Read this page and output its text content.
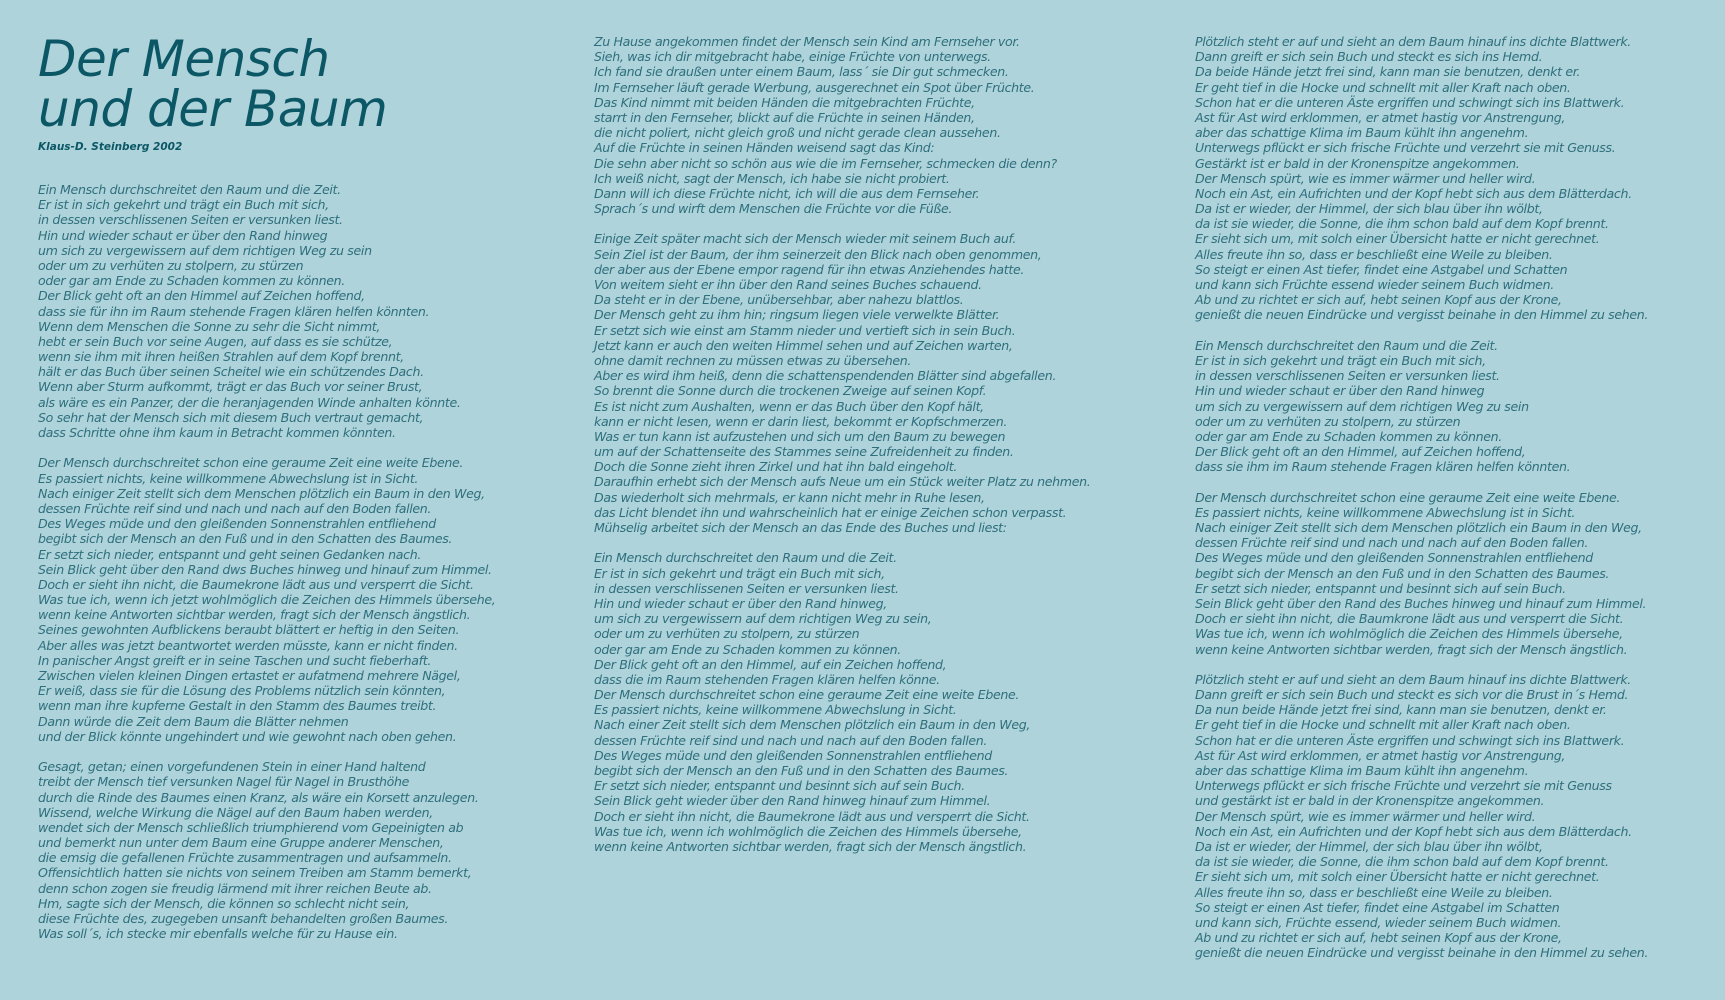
Der Mensch
und der Baum
Klaus-D. Steinberg 2002
Ein Mensch durchschreitet den Raum und die Zeit.
Er ist in sich gekehrt und trägt ein Buch mit sich,
in dessen verschlissenen Seiten er versunken liest.
Hin und wieder schaut er über den Rand hinweg
um sich zu vergewissern auf dem richtigen Weg zu sein
oder um zu verhüten zu stolpern, zu stürzen
oder gar am Ende zu Schaden kommen zu können.
Der Blick geht oft an den Himmel auf Zeichen hoffend,
dass sie für ihn im Raum stehende Fragen klären helfen könnten.
Wenn dem Menschen die Sonne zu sehr die Sicht nimmt,
hebt er sein Buch vor seine Augen, auf dass es sie schütze,
wenn sie ihm mit ihren heißen Strahlen auf dem Kopf brennt,
hält er das Buch über seinen Scheitel wie ein schützendes Dach.
Wenn aber Sturm aufkommt, trägt er das Buch vor seiner Brust,
als wäre es ein Panzer, der die heranjagenden Winde anhalten könnte.
So sehr hat der Mensch sich mit diesem Buch vertraut gemacht,
dass Schritte ohne ihm kaum in Betracht kommen könnten.
Der Mensch durchschreitet schon eine geraume Zeit eine weite Ebene.
Es passiert nichts, keine willkommene Abwechslung ist in Sicht.
Nach einiger Zeit stellt sich dem Menschen plötzlich ein Baum in den Weg,
dessen Früchte reif sind und nach und nach auf den Boden fallen.
Des Weges müde und den gleißenden Sonnenstrahlen entfliehend
begibt sich der Mensch an den Fuß und in den Schatten des Baumes.
Er setzt sich nieder, entspannt und geht seinen Gedanken nach.
Sein Blick geht über den Rand dws Buches hinweg und hinauf zum Himmel.
Doch er sieht ihn nicht, die Baumekrone lädt aus und versperrt die Sicht.
Was tue ich, wenn ich jetzt wohlmöglich die Zeichen des Himmels übersehe,
wenn keine Antworten sichtbar werden, fragt sich der Mensch ängstlich.
Seines gewohnten Aufblickens beraubt blättert er heftig in den Seiten.
Aber alles was jetzt beantwortet werden müsste, kann er nicht finden.
In panischer Angst greift er in seine Taschen und sucht fieberhaft.
Zwischen vielen kleinen Dingen ertastet er aufatmend mehrere Nägel,
Er weiß, dass sie für die Lösung des Problems nützlich sein könnten,
wenn man ihre kupferne Gestalt in den Stamm des Baumes treibt.
Dann würde die Zeit dem Baum die Blätter nehmen
und der Blick könnte ungehindert und wie gewohnt nach oben gehen.
Gesagt, getan; einen vorgefundenen Stein in einer Hand haltend
treibt der Mensch tief versunken Nagel für Nagel in Brusthöhe
durch die Rinde des Baumes einen Kranz, als wäre ein Korsett anzulegen.
Wissend, welche Wirkung die Nägel auf den Baum haben werden,
wendet sich der Mensch schließlich triumphierend vom Gepeinigten ab
und bemerkt nun unter dem Baum eine Gruppe anderer Menschen,
die emsig die gefallenen Früchte zusammentragen und aufsammeln.
Offensichtlich hatten sie nichts von seinem Treiben am Stamm bemerkt,
denn schon zogen sie freudig lärmend mit ihrer reichen Beute ab.
Hm, sagte sich der Mensch, die können so schlecht nicht sein,
diese Früchte des, zugegeben unsanft behandelten großen Baumes.
Was soll´s, ich stecke mir ebenfalls welche für zu Hause ein.
Zu Hause angekommen findet der Mensch sein Kind am Fernseher vor.
Sieh, was ich dir mitgebracht habe, einige Früchte von unterwegs.
Ich fand sie draußen unter einem Baum, lass´ sie Dir gut schmecken.
Im Fernseher läuft gerade Werbung, ausgerechnet ein Spot über Früchte.
Das Kind nimmt mit beiden Händen die mitgebrachten Früchte,
starrt in den Fernseher, blickt auf die Früchte in seinen Händen,
die nicht poliert, nicht gleich groß und nicht gerade clean aussehen.
Auf die Früchte in seinen Händen weisend sagt das Kind:
Die sehn aber nicht so schön aus wie die im Fernseher, schmecken die denn?
Ich weiß nicht, sagt der Mensch, ich habe sie nicht probiert.
Dann will ich diese Früchte nicht, ich will die aus dem Fernseher.
Sprach´s und wirft dem Menschen die Früchte vor die Füße.
Einige Zeit später macht sich der Mensch wieder mit seinem Buch auf.
Sein Ziel ist der Baum, der ihm seinerzeit den Blick nach oben genommen,
der aber aus der Ebene empor ragend für ihn etwas Anziehendes hatte.
Von weitem sieht er ihn über den Rand seines Buches schauend.
Da steht er in der Ebene, unübersehbar, aber nahezu blattlos.
Der Mensch geht zu ihm hin; ringsum liegen viele verwelkte Blätter.
Er setzt sich wie einst am Stamm nieder und vertieft sich in sein Buch.
Jetzt kann er auch den weiten Himmel sehen und auf Zeichen warten,
ohne damit rechnen zu müssen etwas zu übersehen.
Aber es wird ihm heiß, denn die schattenspendenden Blätter sind abgefallen.
So brennt die Sonne durch die trockenen Zweige auf seinen Kopf.
Es ist nicht zum Aushalten, wenn er das Buch über den Kopf hält,
kann er nicht lesen, wenn er darin liest, bekommt er Kopfschmerzen.
Was er tun kann ist aufzustehen und sich um den Baum zu bewegen
um auf der Schattenseite des Stammes seine Zufreidenheit zu finden.
Doch die Sonne zieht ihren Zirkel und hat ihn bald eingeholt.
Daraufhin erhebt sich der Mensch aufs Neue um ein Stück weiter Platz zu nehmen.
Das wiederholt sich mehrmals, er kann nicht mehr in Ruhe lesen,
das Licht blendet ihn und wahrscheinlich hat er einige Zeichen schon verpasst.
Mühselig arbeitet sich der Mensch an das Ende des Buches und liest:
Ein Mensch durchschreitet den Raum und die Zeit.
Er ist in sich gekehrt und trägt ein Buch mit sich,
in dessen verschlissenen Seiten er versunken liest.
Hin und wieder schaut er über den Rand hinweg,
um sich zu vergewissern auf dem richtigen Weg zu sein,
oder um zu verhüten zu stolpern, zu stürzen
oder gar am Ende zu Schaden kommen zu können.
Der Blick geht oft an den Himmel, auf ein Zeichen hoffend,
dass die im Raum stehenden Fragen klären helfen könne.
Der Mensch durchschreitet schon eine geraume Zeit eine weite Ebene.
Es passiert nichts, keine willkommene Abwechslung in Sicht.
Nach einer Zeit stellt sich dem Menschen plötzlich ein Baum in den Weg,
dessen Früchte reif sind und nach und nach auf den Boden fallen.
Des Weges müde und den gleißenden Sonnenstrahlen entfliehend
begibt sich der Mensch an den Fuß und in den Schatten des Baumes.
Er setzt sich nieder, entspannt und besinnt sich auf sein Buch.
Sein Blick geht wieder über den Rand hinweg hinauf zum Himmel.
Doch er sieht ihn nicht, die Baumekrone lädt aus und versperrt die Sicht.
Was tue ich, wenn ich wohlmöglich die Zeichen des Himmels übersehe,
wenn keine Antworten sichtbar werden, fragt sich der Mensch ängstlich.
Plötzlich steht er auf und sieht an dem Baum hinauf ins dichte Blattwerk.
Dann greift er sich sein Buch und steckt es sich ins Hemd.
Da beide Hände jetzt frei sind, kann man sie benutzen, denkt er.
Er geht tief in die Hocke und schnellt mit aller Kraft nach oben.
Schon hat er die unteren Äste ergriffen und schwingt sich ins Blattwerk.
Ast für Ast wird erklommen, er atmet hastig vor Anstrengung,
aber das schattige Klima im Baum kühlt ihn angenehm.
Unterwegs pflückt er sich frische Früchte und verzehrt sie mit Genuss.
Gestärkt ist er bald in der Kronenspitze angekommen.
Der Mensch spürt, wie es immer wärmer und heller wird.
Noch ein Ast, ein Aufrichten und der Kopf hebt sich aus dem Blätterdach.
Da ist er wieder, der Himmel, der sich blau über ihn wölbt,
da ist sie wieder, die Sonne, die ihm schon bald auf dem Kopf brennt.
Er sieht sich um, mit solch einer Übersicht hatte er nicht gerechnet.
Alles freute ihn so, dass er beschließt eine Weile zu bleiben.
So steigt er einen Ast tiefer, findet eine Astgabel und Schatten
und kann sich Früchte essend wieder seinem Buch widmen.
Ab und zu richtet er sich auf, hebt seinen Kopf aus der Krone,
genießt die neuen Eindrücke und vergisst beinahe in den Himmel zu sehen.
Ein Mensch durchschreitet den Raum und die Zeit.
Er ist in sich gekehrt und trägt ein Buch mit sich,
in dessen verschlissenen Seiten er versunken liest.
Hin und wieder schaut er über den Rand hinweg
um sich zu vergewissern auf dem richtigen Weg zu sein
oder um zu verhüten zu stolpern, zu stürzen
oder gar am Ende zu Schaden kommen zu können.
Der Blick geht oft an den Himmel, auf Zeichen hoffend,
dass sie ihm im Raum stehende Fragen klären helfen könnten.
Der Mensch durchschreitet schon eine geraume Zeit eine weite Ebene.
Es passiert nichts, keine willkommene Abwechslung ist in Sicht.
Nach einiger Zeit stellt sich dem Menschen plötzlich ein Baum in den Weg,
dessen Früchte reif sind und nach und nach auf den Boden fallen.
Des Weges müde und den gleißenden Sonnenstrahlen entfliehend
begibt sich der Mensch an den Fuß und in den Schatten des Baumes.
Er setzt sich nieder, entspannt und besinnt sich auf sein Buch.
Sein Blick geht über den Rand des Buches hinweg und hinauf zum Himmel.
Doch er sieht ihn nicht, die Baumkrone lädt aus und versperrt die Sicht.
Was tue ich, wenn ich wohlmöglich die Zeichen des Himmels übersehe,
wenn keine Antworten sichtbar werden, fragt sich der Mensch ängstlich.
Plötzlich steht er auf und sieht an dem Baum hinauf ins dichte Blattwerk.
Dann greift er sich sein Buch und steckt es sich vor die Brust in´s Hemd.
Da nun beide Hände jetzt frei sind, kann man sie benutzen, denkt er.
Er geht tief in die Hocke und schnellt mit aller Kraft nach oben.
Schon hat er die unteren Äste ergriffen und schwingt sich ins Blattwerk.
Ast für Ast wird erklommen, er atmet hastig vor Anstrengung,
aber das schattige Klima im Baum kühlt ihn angenehm.
Unterwegs pflückt er sich frische Früchte und verzehrt sie mit Genuss
und gestärkt ist er bald in der Kronenspitze angekommen.
Der Mensch spürt, wie es immer wärmer und heller wird.
Noch ein Ast, ein Aufrichten und der Kopf hebt sich aus dem Blätterdach.
Da ist er wieder, der Himmel, der sich blau über ihn wölbt,
da ist sie wieder, die Sonne, die ihm schon bald auf dem Kopf brennt.
Er sieht sich um, mit solch einer Übersicht hatte er nicht gerechnet.
Alles freute ihn so, dass er beschließt eine Weile zu bleiben.
So steigt er einen Ast tiefer, findet eine Astgabel im Schatten
und kann sich, Früchte essend, wieder seinem Buch widmen.
Ab und zu richtet er sich auf, hebt seinen Kopf aus der Krone,
genießt die neuen Eindrücke und vergisst beinahe in den Himmel zu sehen.
